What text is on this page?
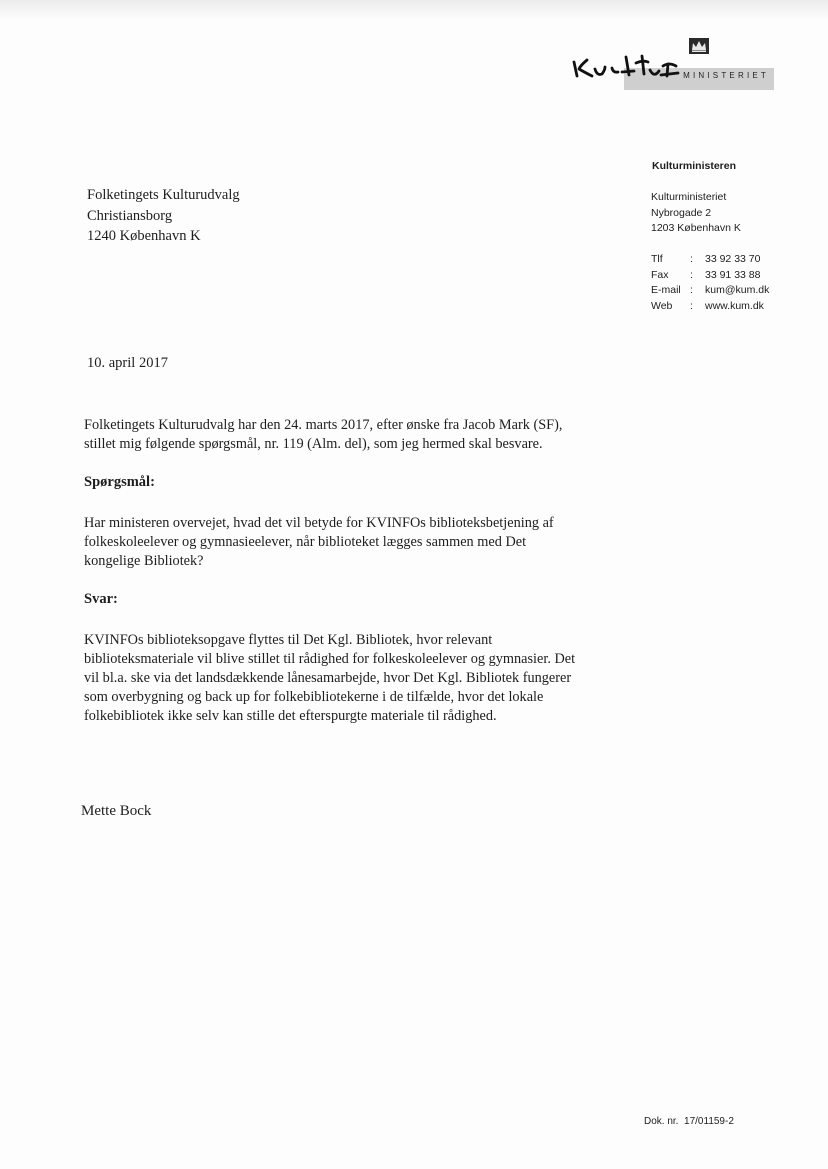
MINISTERIET
Kulturministeren
Kulturministeriet
Nybrogade 2
1203 København K
Tlf	:	33 92 33 70
Fax	:	33 91 33 88
E-mail :	kum@kum.dk
Web	:	www.kum.dk
Folketingets Kulturudvalg
Christiansborg
1240 København K
10. april 2017
Folketingets Kulturudvalg har den 24. marts 2017, efter ønske fra Jacob Mark (SF),
stillet mig følgende spørgsmål, nr. 119 (Alm. del), som jeg hermed skal besvare.
Spørgsmål:
Har ministeren overvejet, hvad det vil betyde for KVINFOs biblioteksbetjening af
folkeskoleelever og gymnasieelever, når biblioteket lægges sammen med Det
kongelige Bibliotek?
Svar:
KVINFOs biblioteksopgave flyttes til Det Kgl. Bibliotek, hvor relevant
biblioteksmateriale vil blive stillet til rådighed for folkeskoleelever og gymnasier. Det
vil bl.a. ske via det landsdækkende lånesamarbejde, hvor Det Kgl. Bibliotek fungerer
som overbygning og back up for folkebibliotekerne i de tilfælde, hvor det lokale
folkebibliotek ikke selv kan stille det efterspurgte materiale til rådighed.
Mette Bock
Dok. nr. 17/01159-2
